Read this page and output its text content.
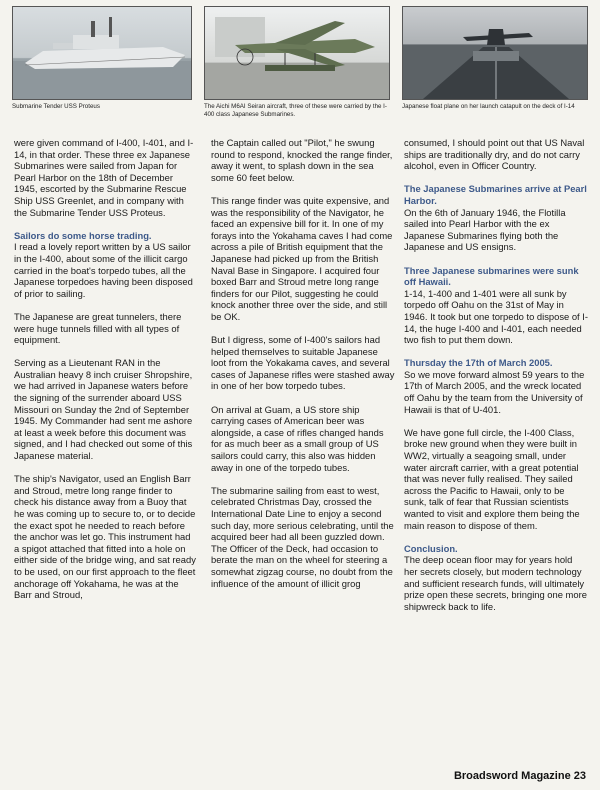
Submarine Tender USS Proteus	The Aichi M6AI Seiran aircraft, three of these were carried by the I-400 class Japanese Submarines.
Japanese float plane on her launch catapult on the deck of I-14

were given command of I-400, I-401, and I-14, in that order. These three ex Japanese Submarines were sailed from Japan for Pearl Harbor on the 18th of December 1945, escorted by the Submarine Rescue Ship USS Greenlet, and in company with the Submarine Tender USS Proteus.

Sailors do some horse trading.

I read a lovely report written by a US sailor in the I-400, about some of the illicit cargo carried in the boat's torpedo tubes, all the Japanese torpedoes having been disposed of prior to sailing.

The Japanese are great tunnelers, there were huge tunnels filled with all types of equipment.

Serving as a Lieutenant RAN in the Australian heavy 8 inch cruiser Shropshire, we had arrived in Japanese waters before the signing of the surrender aboard USS Missouri on Sunday the 2nd of September 1945. My Commander had sent me ashore at least a week before this document was signed, and I had checked out some of this Japanese material.

The ship's Navigator, used an English Barr and Stroud, metre long range finder to check his distance away from a Buoy that he was coming up to secure to, or to decide the exact spot he needed to reach before the anchor was let go. This instrument had a spigot attached that fitted into a hole on either side of the bridge wing, and sat ready to be used, on our first approach to the fleet anchorage off Yokahama, he was at the Barr and Stroud,

the Captain called out "Pilot," he swung round to respond, knocked the range finder, away it went, to splash down in the sea some 60 feet below.

This range finder was quite expensive, and was the responsibility of the Navigator, he faced an expensive bill for it. In one of my forays into the Yokahama caves I had come across a pile of British equipment that the Japanese had picked up from the British Naval Base in Singapore. I acquired four boxed Barr and Stroud metre long range finders for our Pilot, suggesting he could knock another three over the side, and still be OK.

But I digress, some of I-400's sailors had helped themselves to suitable Japanese loot from the Yokakama caves, and several cases of Japanese rifles were stashed away in one of her bow torpedo tubes.

On arrival at Guam, a US store ship carrying cases of American beer was alongside, a case of rifles changed hands for as much beer as a small group of US sailors could carry, this also was hidden away in one of the torpedo tubes.

The submarine sailing from east to west, celebrated Christmas Day, crossed the International Date Line to enjoy a second such day, more serious celebrating, until the acquired beer had all been guzzled down. The Officer of the Deck, had occasion to berate the man on the wheel for steering a somewhat zigzag course, no doubt from the influence of the amount of illicit grog

consumed, I should point out that US Naval ships are traditionally dry, and do not carry alcohol, even in Officer Country.

The Japanese Submarines arrive at Pearl Harbor.

On the 6th of January 1946, the Flotilla sailed into Pearl Harbor with the ex Japanese Submarines flying both the Japanese and US ensigns.

Three Japanese submarines were sunk off Hawaii.

1-14, 1-400 and 1-401 were all sunk by torpedo off Oahu on the 31st of May in 1946. It took but one torpedo to dispose of I-14, the huge I-400 and I-401, each needed two fish to put them down.

Thursday the 17th of March 2005.

So we move forward almost 59 years to the 17th of March 2005, and the wreck located off Oahu by the team from the University of Hawaii is that of U-401.

We have gone full circle, the I-400 Class, broke new ground when they were built in WW2, virtually a seagoing small, under water aircraft carrier, with a great potential that was never fully realised. They sailed across the Pacific to Hawaii, only to be sunk, talk of fear that Russian scientists wanted to visit and explore them being the main reason to dispose of them.

Conclusion.

The deep ocean floor may for years hold her secrets closely, but modern technology and sufficient research funds, will ultimately prize open these secrets, bringing one more shipwreck back to life.

Broadsword Magazine 23
